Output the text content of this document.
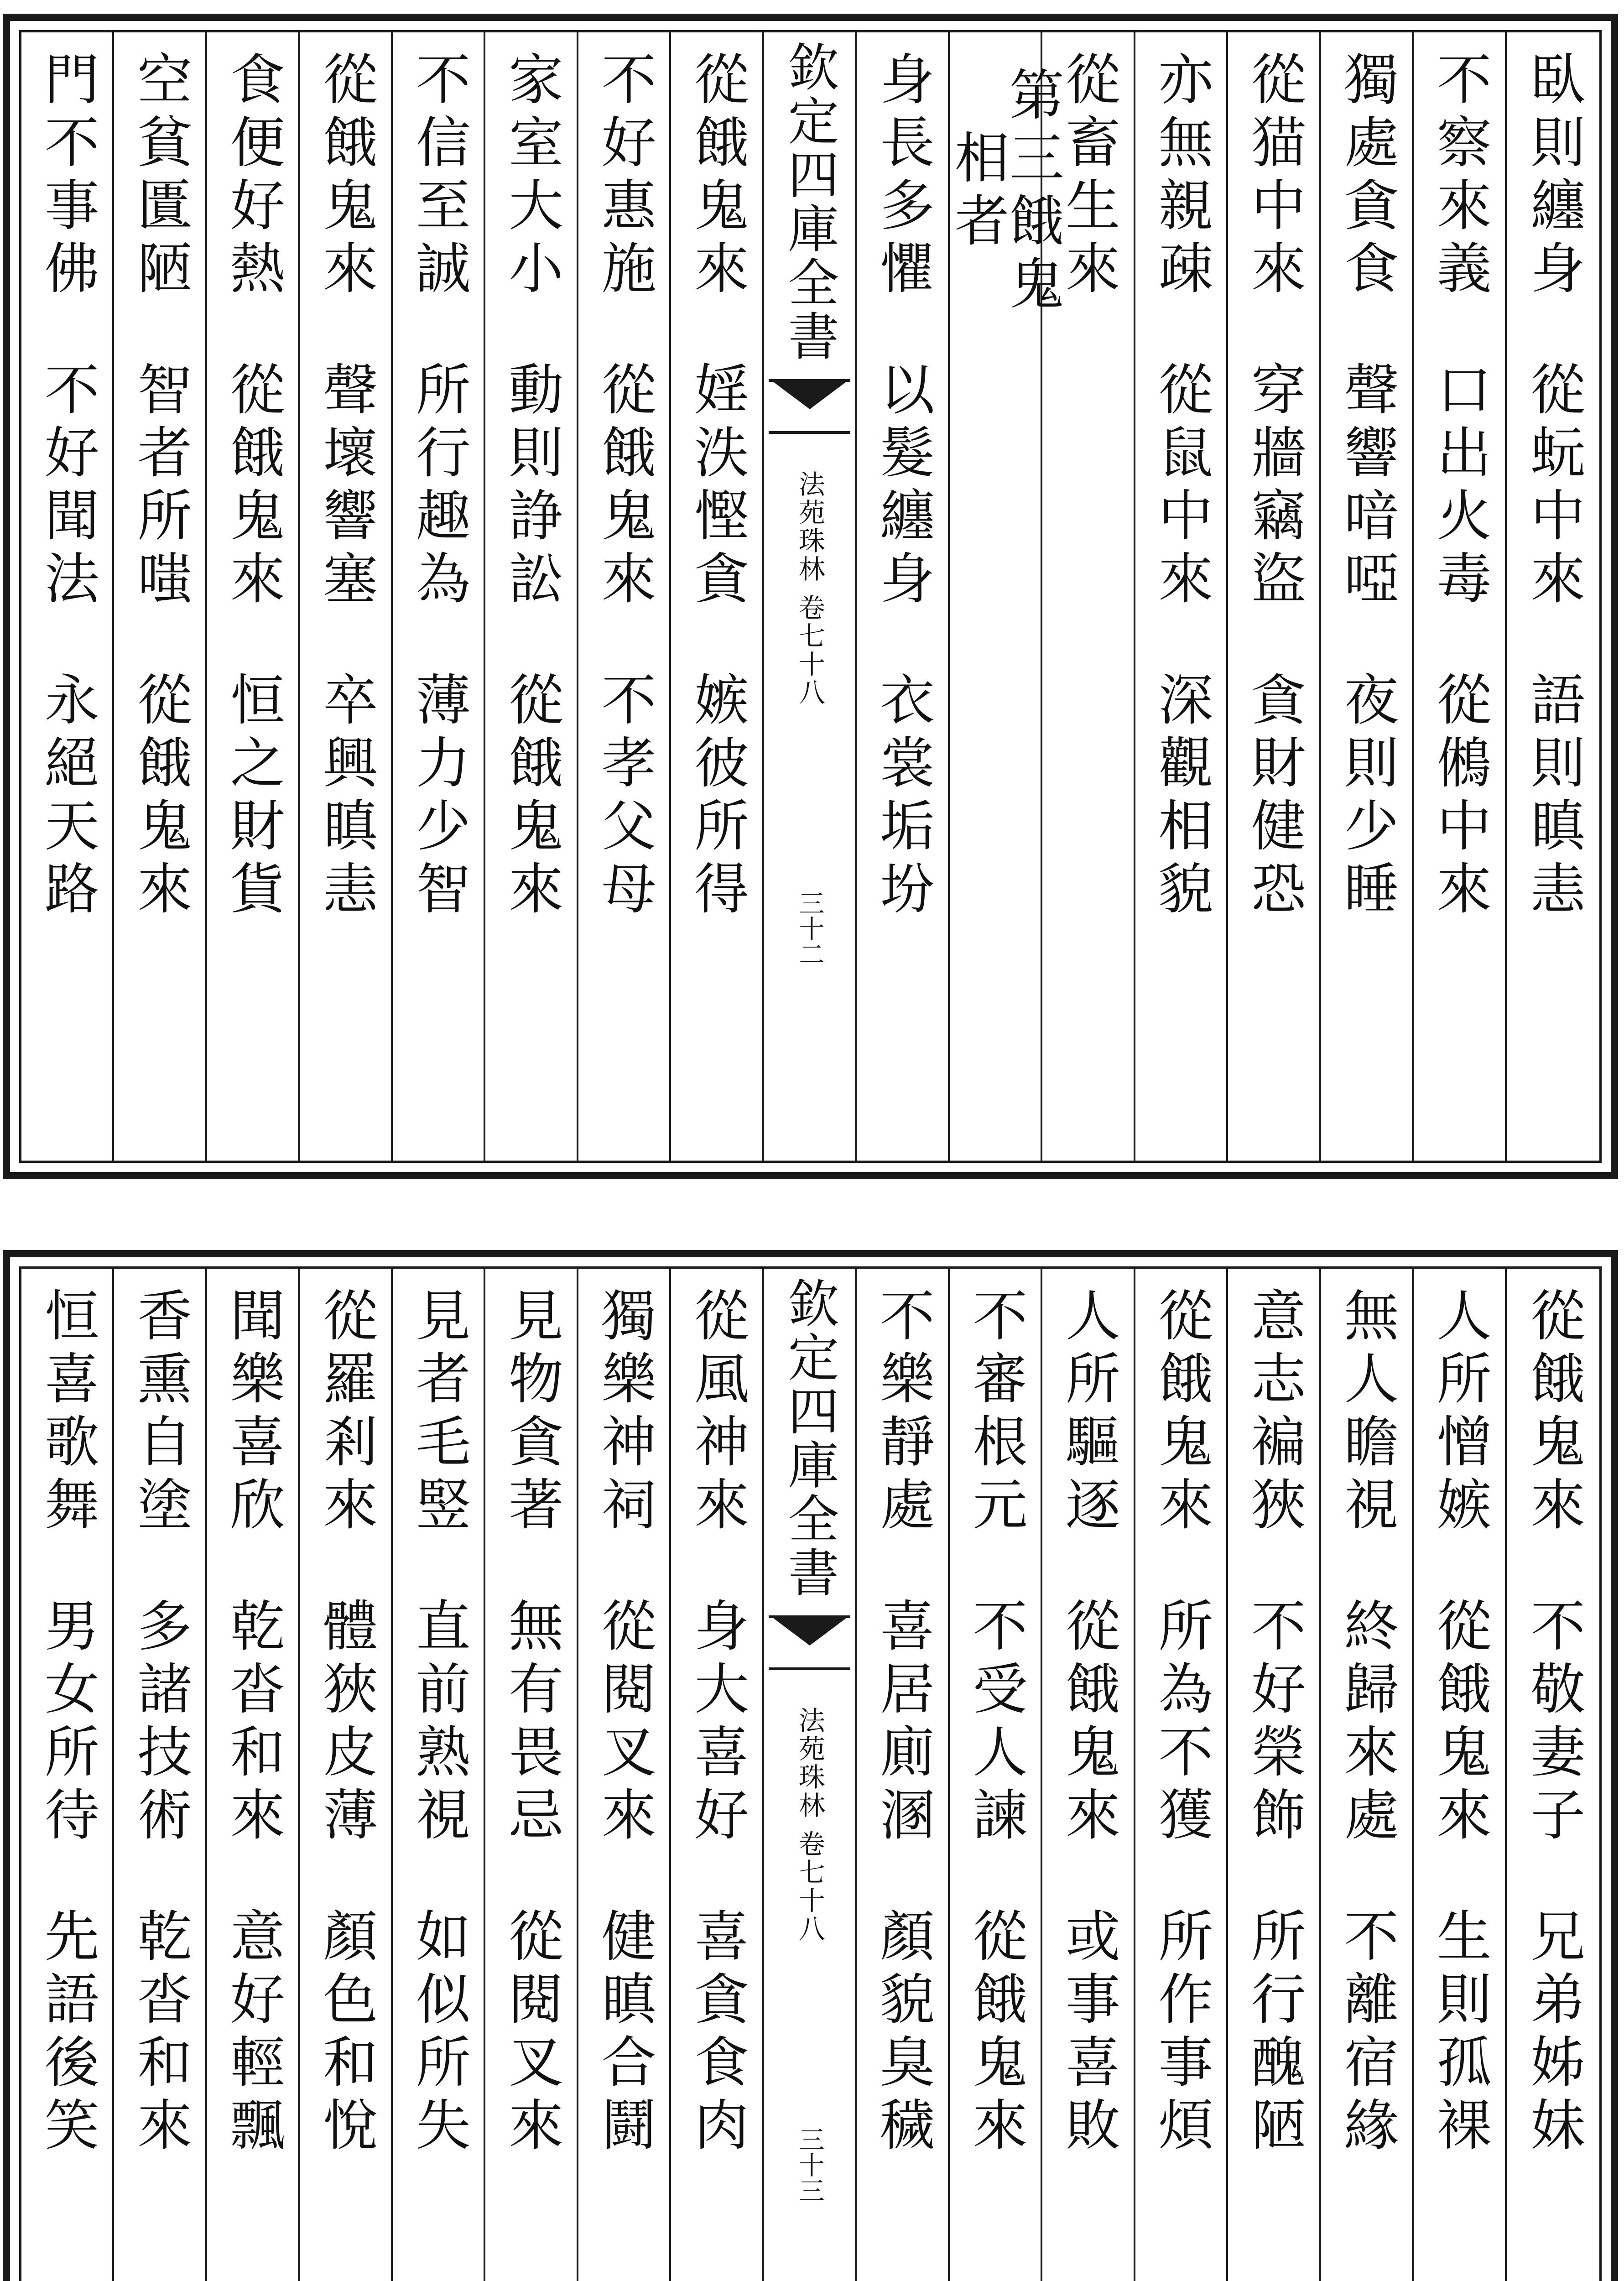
臥則纏身
從蚖中來
語則瞋恚
不察來義
口出火毒
從鵂中來
獨處貪食
聲響喑啞
夜則少睡
從猫中來
穿牆竊盜
貪財健恐
亦無親疎
從鼠中來
深觀相貌
從畜生來
第三餓鬼相者
身長多懼
以髮纏身
衣裳垢坋
欽定四庫全書
法苑珠林 卷七十八
三十二
從餓鬼來
婬泆慳貪
嫉彼所得
不好惠施
從餓鬼來
不孝父母
家室大小
動則諍訟
從餓鬼來
不信至誠
所行趣為
薄力少智
從餓鬼來
聲壞響塞
卒興瞋恚
食便好熱
從餓鬼來
恒之財貨
空貧匱陋
智者所嗤
從餓鬼來
門不事佛
不好聞法
永絕天路
從餓鬼來
不敬妻子
兄弟姊妹
人所憎嫉
從餓鬼來
生則孤裸
無人瞻視
終歸來處
不離宿緣
意志褊狹
不好榮飾
所行醜陋
從餓鬼來
所為不獲
所作事煩
人所驅逐
從餓鬼來
或事喜敗
不審根元
不受人諫
從餓鬼來
不樂靜處
喜居廁溷
顏貌臭穢
欽定四庫全書
法苑珠林 卷七十八
三十三
從風神來
身大喜好
喜貪食肉
獨樂神祠
從閱叉來
健瞋合鬪
見物貪著
無有畏忌
從閱叉來
見者毛竪
直前熟視
如似所失
從羅剎來
體狹皮薄
顏色和悅
聞樂喜欣
乾沓和來
意好輕飄
香熏自塗
多諸技術
乾沓和來
恒喜歌舞
男女所待
先語後笑
